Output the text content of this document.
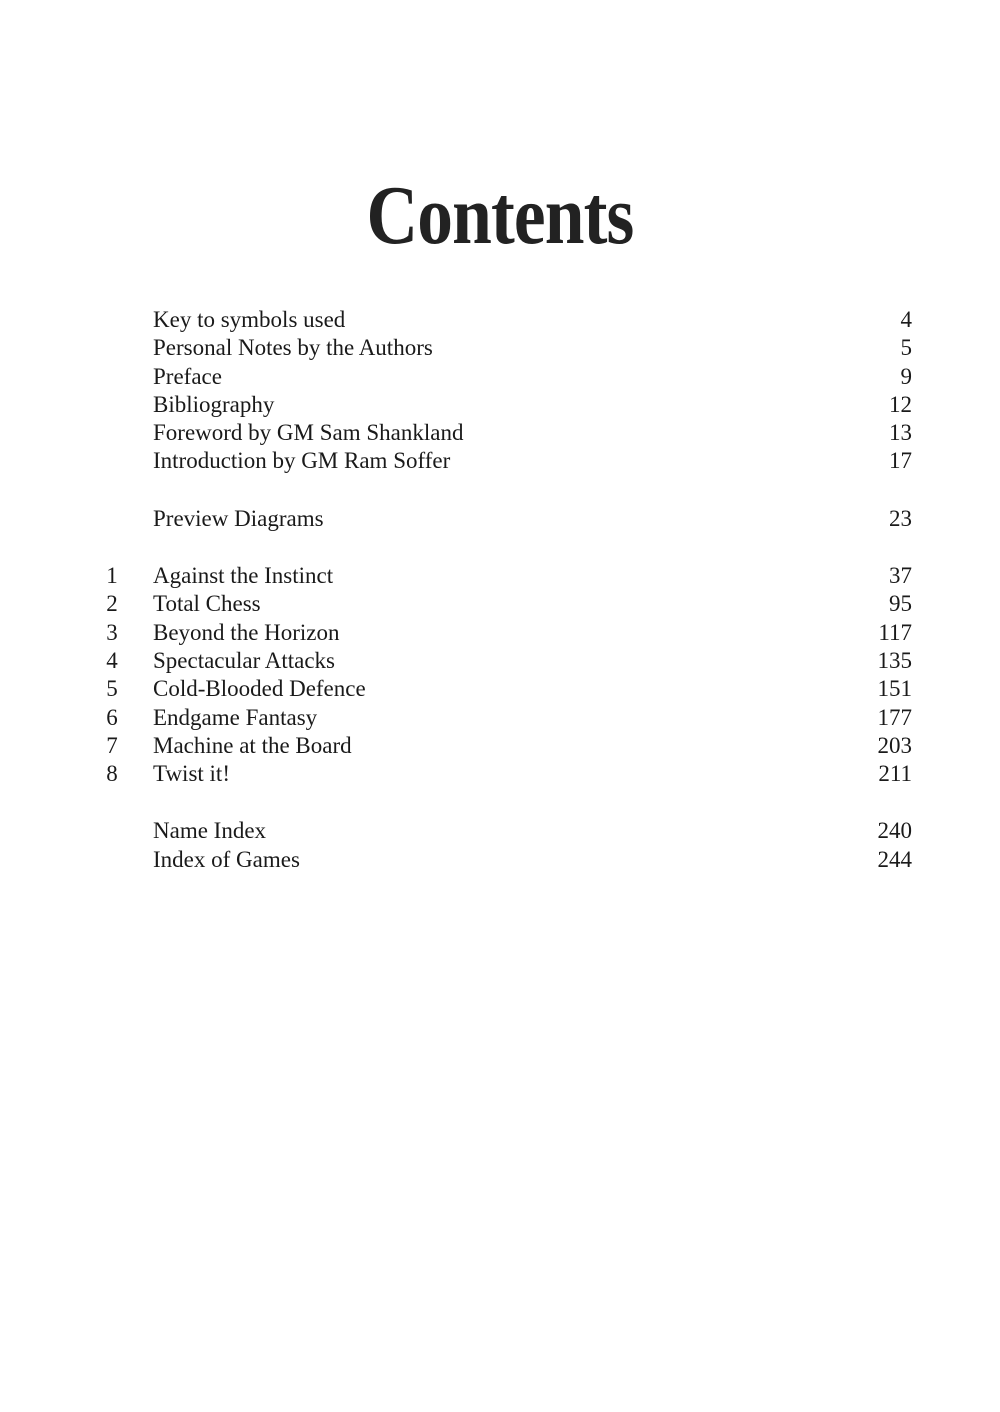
Contents
Key to symbols used	4
Personal Notes by the Authors	5
Preface	9
Bibliography	12
Foreword by GM Sam Shankland	13
Introduction by GM Ram Soffer	17
Preview Diagrams	23
1 Against the Instinct	37
2 Total Chess	95
3 Beyond the Horizon	117
4 Spectacular Attacks	135
5 Cold-Blooded Defence	151
6 Endgame Fantasy	177
7 Machine at the Board	203
8 Twist it!	211
Name Index	240
Index of Games	244
